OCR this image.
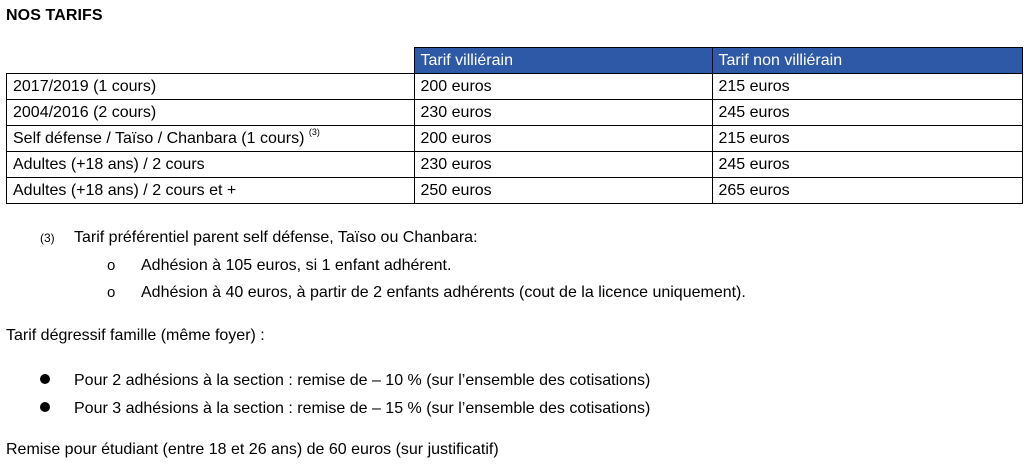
NOS TARIFS
	Tarif villiérain	Tarif non villiérain
2017/2019 (1 cours)	200 euros	215 euros
2004/2016 (2 cours)	230 euros	245 euros
Self défense / Taïso / Chanbara (1 cours) $^{(3)}$	200 euros	215 euros
Adultes (+18 ans) / 2 cours	230 euros	245 euros
Adultes (+18 ans) / 2 cours et +	250 euros	265 euros
(3) Tarif préférentiel parent self défense, Taïso ou Chanbara:
o Adhésion à 105 euros, si 1 enfant adhérent.
o Adhésion à 40 euros, à partir de 2 enfants adhérents (cout de la licence uniquement).
Tarif dégressif famille (même foyer) :
Pour 2 adhésions à la section : remise de – 10 % (sur l’ensemble des cotisations)
Pour 3 adhésions à la section : remise de – 15 % (sur l’ensemble des cotisations)
Remise pour étudiant (entre 18 et 26 ans) de 60 euros (sur justificatif)
